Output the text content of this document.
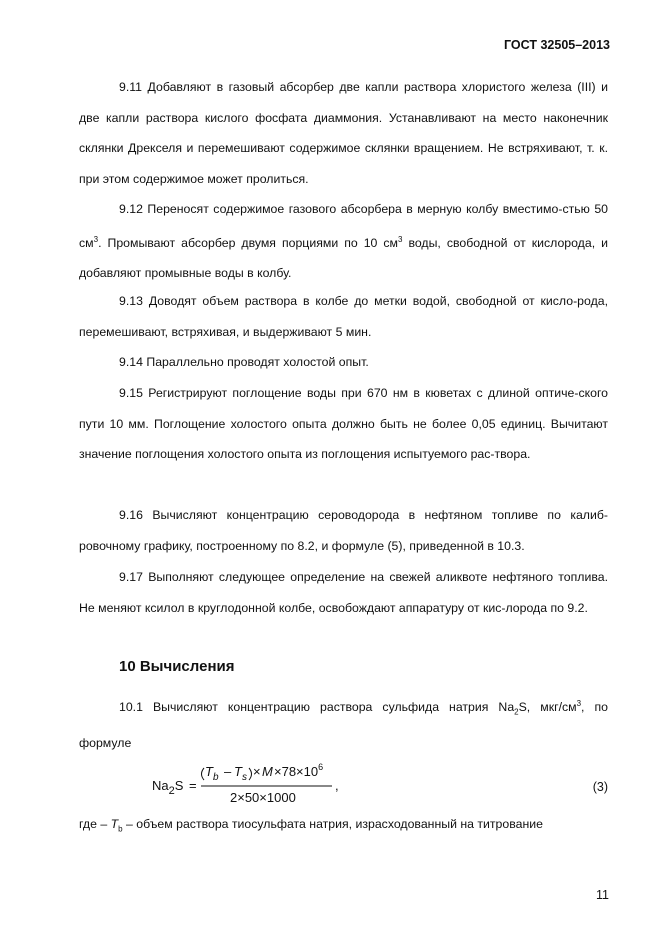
ГОСТ 32505–2013

9.11 Добавляют в газовый абсорбер две капли раствора хлористого железа (III) и две капли раствора кислого фосфата диаммония. Устанавливают на место наконечник склянки Дрекселя и перемешивают содержимое склянки вращением. Не встряхивают, т. к. при этом содержимое может пролиться.

9.12 Переносят содержимое газового абсорбера в мерную колбу вместимо-стью 50 $см^3$. Промывают абсорбер двумя порциями по 10 $см^3$ воды, свободной от кислорода, и добавляют промывные воды в колбу.

9.13 Доводят объем раствора в колбе до метки водой, свободной от кисло-рода, перемешивают, встряхивая, и выдерживают 5 мин.

9.14 Параллельно проводят холостой опыт.

9.15 Регистрируют поглощение воды при 670 нм в кюветах с длиной оптиче-ского пути 10 мм. Поглощение холостого опыта должно быть не более 0,05 единиц. Вычитают значение поглощения холостого опыта из поглощения испытуемого рас-твора.

9.16 Вычисляют концентрацию сероводорода в нефтяном топливе по калиб-ровочному графику, построенному по 8.2, и формуле (5), приведенной в 10.3.

9.17 Выполняют следующее определение на свежей аликвоте нефтяного топлива. Не меняют ксилол в круглодонной колбе, освобождают аппаратуру от кис-лорода по 9.2.

10 Вычисления

10.1 Вычисляют концентрацию раствора сульфида натрия $Na_2S$, мкг/$см^3$, по формуле

$Na_2S$ =
$T_b - T_s \times M \times 78\times 10^6$
2×50×1000
,	(3)
где – $T_b$ – объем раствора тиосульфата натрия, израсходованный на титрование
11
